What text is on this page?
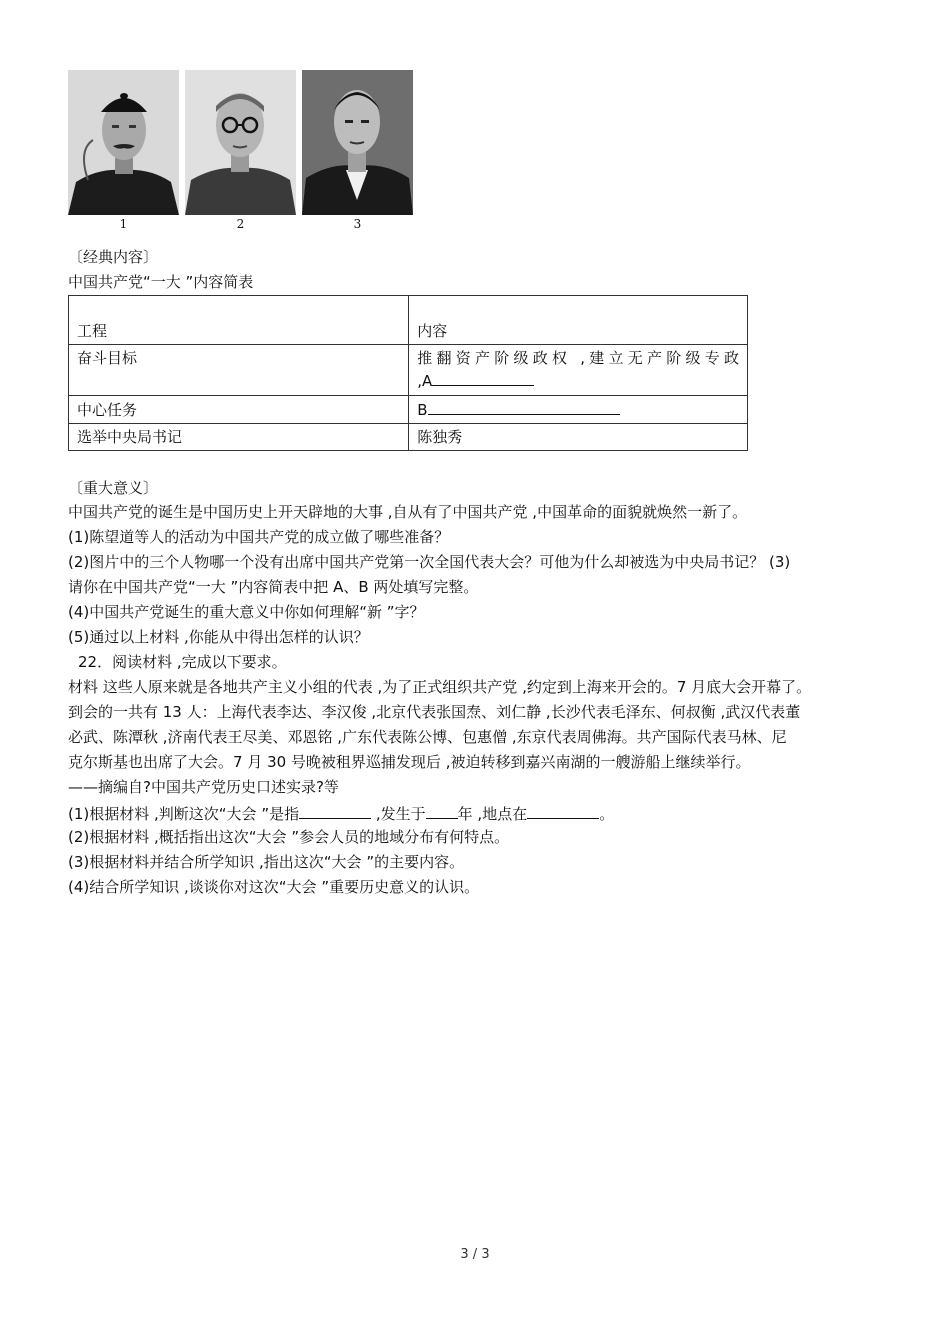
1	2	3
〔经典内容〕
中国共产党“一大 ”内容简表
工程	内容
奋斗目标	推翻资产阶级政权 ,建立无产阶级专政
,A
中心任务	B
选举中央局书记	陈独秀
〔重大意义〕
中国共产党的诞生是中国历史上开天辟地的大事 ,自从有了中国共产党 ,中国革命的面貌就焕然一新了。
(1)陈望道等人的活动为中国共产党的成立做了哪些准备？
(2)图片中的三个人物哪一个没有出席中国共产党第一次全国代表大会？可他为什么却被选为中央局书记？ (3)
请你在中国共产党“一大 ”内容简表中把 A、B 两处填写完整。
(4)中国共产党诞生的重大意义中你如何理解“新 ”字？
(5)通过以上材料 ,你能从中得出怎样的认识？
22．阅读材料 ,完成以下要求。
材料 这些人原来就是各地共产主义小组的代表 ,为了正式组织共产党 ,约定到上海来开会的。7 月底大会开幕了。
到会的一共有 13 人：上海代表李达、李汉俊 ,北京代表张国焘、刘仁静 ,长沙代表毛泽东、何叔衡 ,武汉代表董
必武、陈潭秋 ,济南代表王尽美、邓恩铭 ,广东代表陈公博、包惠僧 ,东京代表周佛海。共产国际代表马林、尼
克尔斯基也出席了大会。7 月 30 号晚被租界巡捕发现后 ,被迫转移到嘉兴南湖的一艘游船上继续举行。
——摘编自?中国共产党历史口述实录?等
(1)根据材料 ,判断这次“大会 ”是指	,发生于 年 ,地点在	。
(2)根据材料 ,概括指出这次“大会 ”参会人员的地域分布有何特点。
(3)根据材料并结合所学知识 ,指出这次“大会 ”的主要内容。
(4)结合所学知识 ,谈谈你对这次“大会 ”重要历史意义的认识。
3 / 3
